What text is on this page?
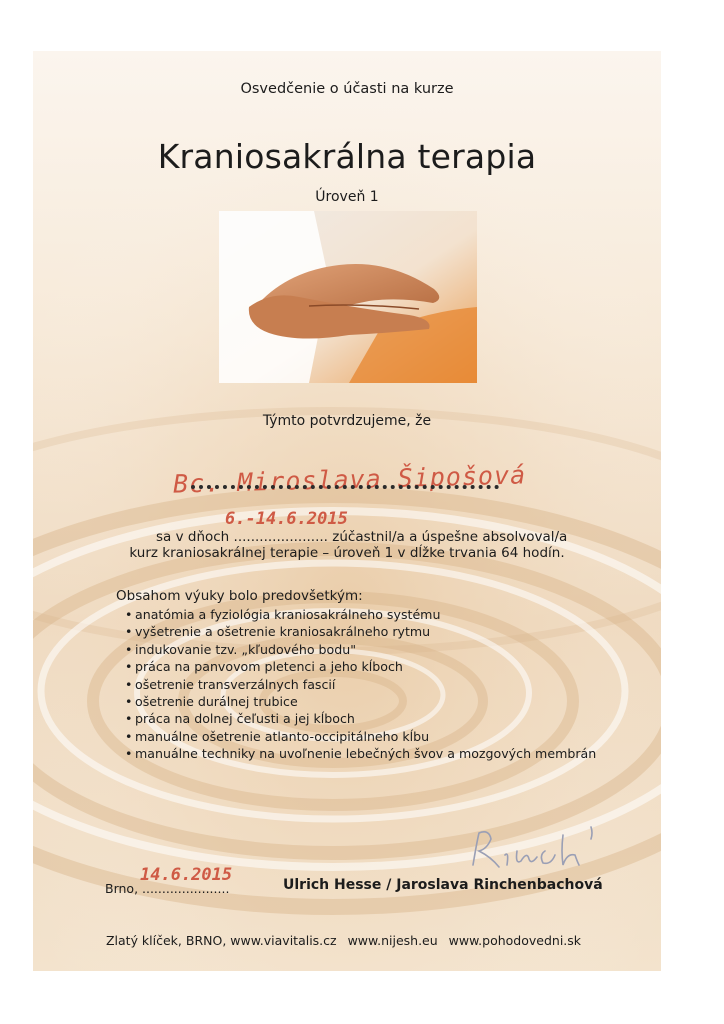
Osvedčenie o účasti na kurze
Kraniosakrálna terapia
Úroveň 1
Týmto potvrdzujeme, že
Bc. Miroslava Šipošová
6.-14.6.2015
sa v dňoch ...................... zúčastnil/a a úspešne absolvoval/a
kurz kraniosakrálnej terapie – úroveň 1 v dĺžke trvania 64 hodín.
Obsahom výuky bolo predovšetkým:
• anatómia a fyziológia kraniosakrálneho systému
• vyšetrenie a ošetrenie kraniosakrálneho rytmu
• indukovanie tzv. „kľudového bodu"
• práca na panvovom pletenci a jeho kĺboch
• ošetrenie transverzálnych fascií
• ošetrenie durálnej trubice
• práca na dolnej čeľusti a jej kĺboch
• manuálne ošetrenie atlanto-occipitálneho kĺbu
• manuálne techniky na uvoľnenie lebečných švov a mozgových membrán
14.6.2015
Brno, ......................	Ulrich Hesse / Jaroslava Rinchenbachová
Zlatý klíček, BRNO, www.viavitalis.cz www.nijesh.eu www.pohodovedni.sk
